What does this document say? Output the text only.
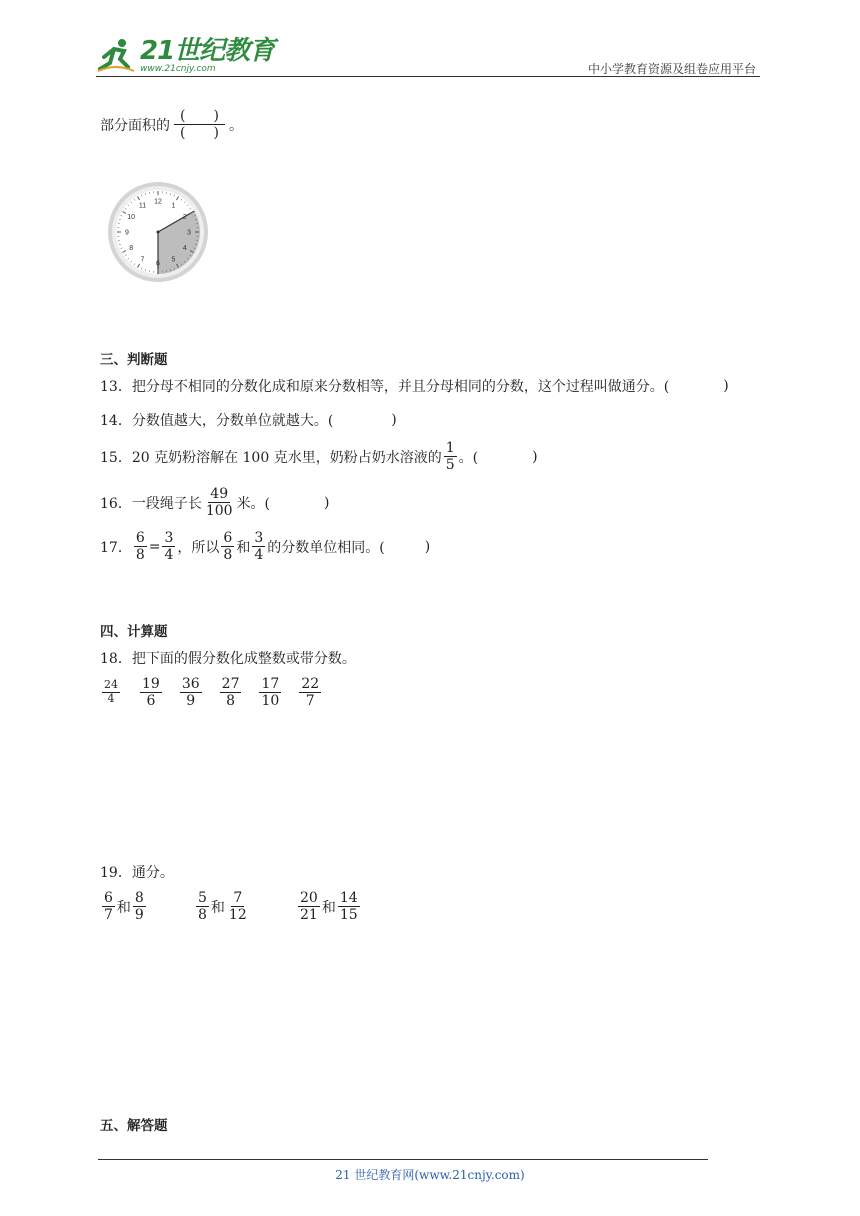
21世纪教育
www.21cnjy.com	中小学教育资源及组卷应用平台
部分面积的 $\frac{( )}{( )}$ 。
12
1
2
3
4
5
6
7
8
9
10
11
三、判断题
13．把分母不相同的分数化成和原来分数相等，并且分母相同的分数，这个过程叫做通分。(	)
14．分数值越大，分数单位就越大。(	)
15．20 克奶粉溶解在 100 克水里，奶粉占奶水溶液的 $\frac{1}{5}$ 。(	)
16．一段绳子长 $\frac{49}{100}$ 米。(	)
17． $\frac{6}{8} = \frac{3}{4}$ ，所以 $\frac{6}{8}$ 和 $\frac{3}{4}$ 的分数单位相同。(	)
四、计算题
18．把下面的假分数化成整数或带分数。
$\frac{24}{4} \frac{19}{6} \frac{36}{9} \frac{27}{8} \frac{17}{10} \frac{22}{7}$
19．通分。
$\frac{6}{7}$ 和 $\frac{8}{9}$	$\frac{5}{8}$ 和 $\frac{7}{12}$	$\frac{20}{21}$ 和 $\frac{14}{15}$
五、解答题
21 世纪教育网(www.21cnjy.com)
